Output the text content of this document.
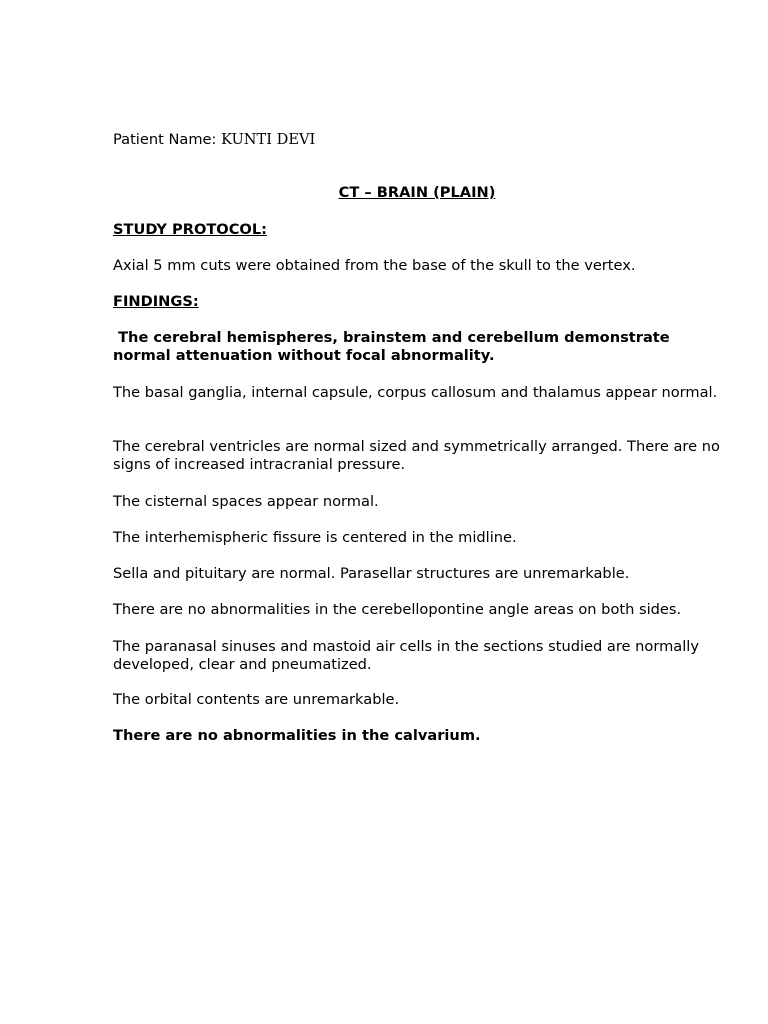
Patient Name: KUNTI DEVI
CT – BRAIN (PLAIN)
STUDY PROTOCOL:
Axial 5 mm cuts were obtained from the base of the skull to the vertex.
FINDINGS:
The cerebral hemispheres, brainstem and cerebellum demonstrate normal attenuation without focal abnormality.
The basal ganglia, internal capsule, corpus callosum and thalamus appear normal.
The cerebral ventricles are normal sized and symmetrically arranged. There are no signs of increased intracranial pressure.
The cisternal spaces appear normal.
The interhemispheric fissure is centered in the midline.
Sella and pituitary are normal. Parasellar structures are unremarkable.
There are no abnormalities in the cerebellopontine angle areas on both sides.
The paranasal sinuses and mastoid air cells in the sections studied are normally developed, clear and pneumatized.
The orbital contents are unremarkable.
There are no abnormalities in the calvarium.
